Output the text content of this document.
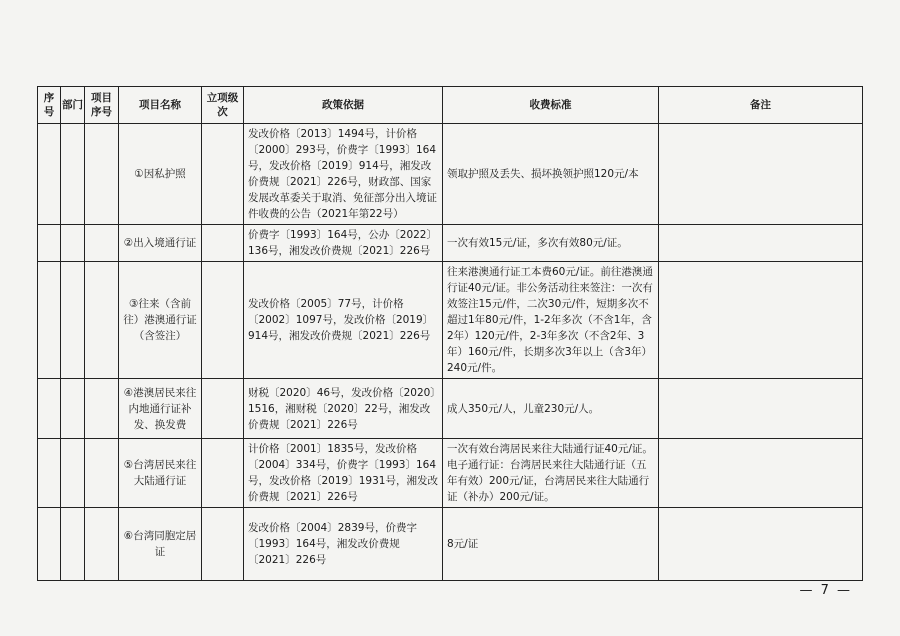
序号	部门	项目序号	项目名称	立项级次	政策依据	收费标准	备注
			①因私护照		发改价格〔2013〕1494号，计价格〔2000〕293号，价费字〔1993〕164号，发改价格〔2019〕914号，湘发改价费规〔2021〕226号，财政部、国家发展改革委关于取消、免征部分出入境证件收费的公告（2021年第22号）	领取护照及丢失、损坏换领护照120元/本	
			②出入境通行证		价费字〔1993〕164号，公办〔2022〕136号，湘发改价费规〔2021〕226号	一次有效15元/证，多次有效80元/证。	
			③往来（含前往）港澳通行证（含签注）		发改价格〔2005〕77号，计价格〔2002〕1097号，发改价格〔2019〕914号，湘发改价费规〔2021〕226号	往来港澳通行证工本费60元/证。前往港澳通行证40元/证。非公务活动往来签注：一次有效签注15元/件，二次30元/件，短期多次不超过1年80元/件，1-2年多次（不含1年，含2年）120元/件，2-3年多次（不含2年、3年）160元/件，长期多次3年以上（含3年）240元/件。	
			④港澳居民来往内地通行证补发、换发费		财税〔2020〕46号，发改价格〔2020〕1516，湘财税〔2020〕22号，湘发改价费规〔2021〕226号	成人350元/人，儿童230元/人。	
			⑤台湾居民来往大陆通行证		计价格〔2001〕1835号，发改价格〔2004〕334号，价费字〔1993〕164号，发改价格〔2019〕1931号，湘发改价费规〔2021〕226号	一次有效台湾居民来往大陆通行证40元/证。电子通行证：台湾居民来往大陆通行证（五年有效）200元/证，台湾居民来往大陆通行证（补办）200元/证。	
			⑥台湾同胞定居证		发改价格〔2004〕2839号，价费字〔1993〕164号，湘发改价费规〔2021〕226号	8元/证	
— 7 —
